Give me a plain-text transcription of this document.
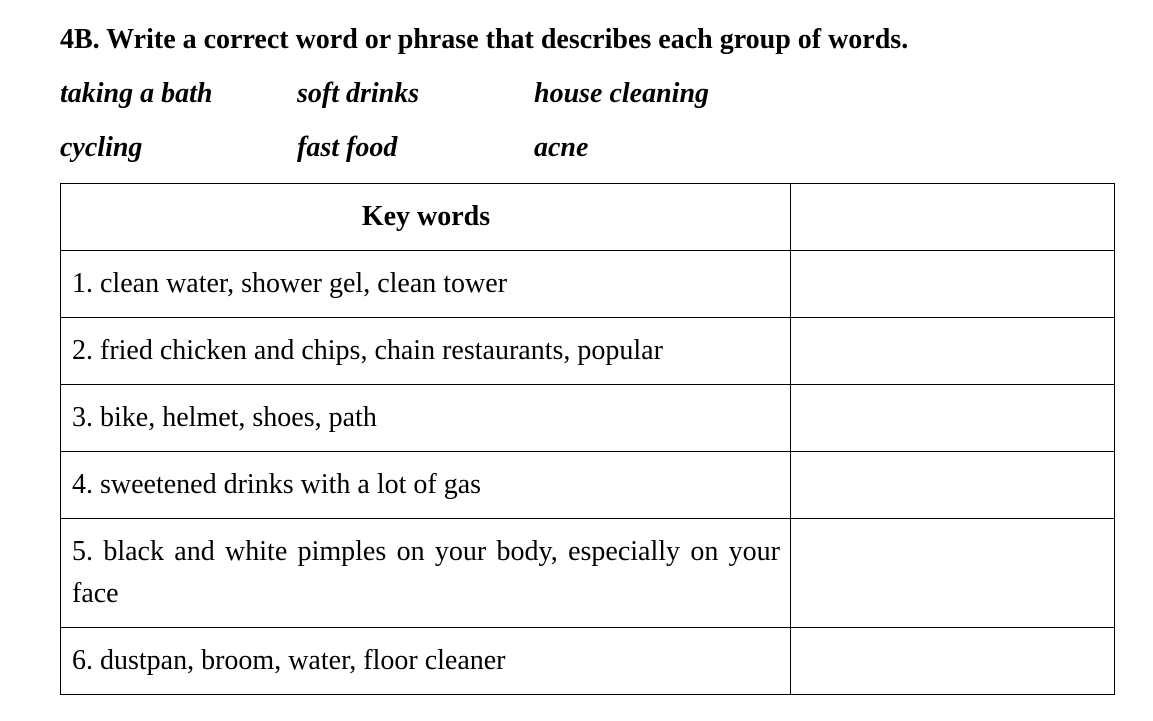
4B. Write a correct word or phrase that describes each group of words.
taking a bath	soft drinks	house cleaning
cycling	fast food	acne
Key words	
1. clean water, shower gel, clean tower	
2. fried chicken and chips, chain restaurants, popular	
3. bike, helmet, shoes, path	
4. sweetened drinks with a lot of gas	
5. black and white pimples on your body, especially on your face	
6. dustpan, broom, water, floor cleaner	
